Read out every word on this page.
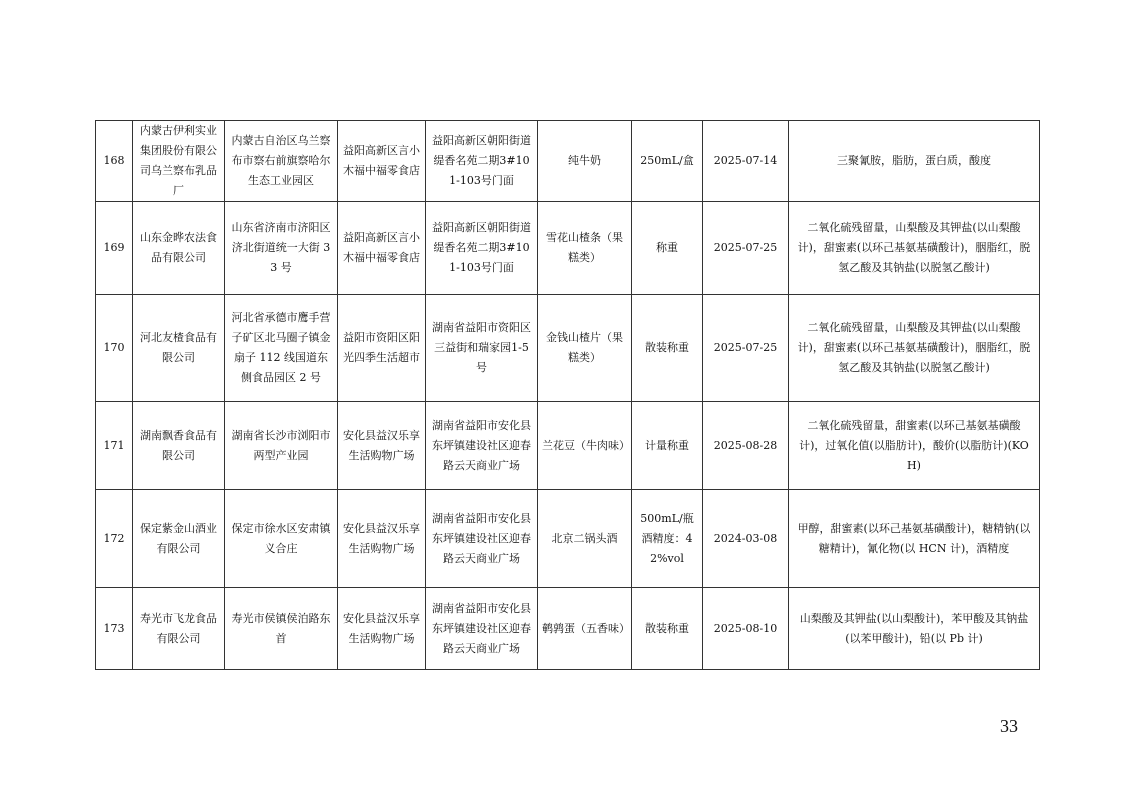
168	内蒙古伊利实业集团股份有限公司乌兰察布乳品厂	内蒙古自治区乌兰察布市察右前旗察哈尔生态工业园区	益阳高新区言小木福中福零食店	益阳高新区朝阳街道缇香名苑二期3#101-103号门面	纯牛奶	250mL/盒	2025-07-14	三聚氰胺，脂肪，蛋白质，酸度
169	山东金晔农法食品有限公司	山东省济南市济阳区济北街道统一大街 33 号	益阳高新区言小木福中福零食店	益阳高新区朝阳街道缇香名苑二期3#101-103号门面	雪花山楂条（果糕类）	称重	2025-07-25	二氧化硫残留量，山梨酸及其钾盐(以山梨酸计)，甜蜜素(以环己基氨基磺酸计)，胭脂红，脱氢乙酸及其钠盐(以脱氢乙酸计)
170	河北友楂食品有限公司	河北省承德市鹰手营子矿区北马圈子镇金扇子 112 线国道东侧食品园区 2 号	益阳市资阳区阳光四季生活超市	湖南省益阳市资阳区三益街和瑞家园1-5 号	金钱山楂片（果糕类）	散装称重	2025-07-25	二氧化硫残留量，山梨酸及其钾盐(以山梨酸计)，甜蜜素(以环己基氨基磺酸计)，胭脂红，脱氢乙酸及其钠盐(以脱氢乙酸计)
171	湖南飘香食品有限公司	湖南省长沙市浏阳市两型产业园	安化县益汉乐享生活购物广场	湖南省益阳市安化县东坪镇建设社区迎春路云天商业广场	兰花豆（牛肉味）	计量称重	2025-08-28	二氧化硫残留量，甜蜜素(以环己基氨基磺酸计)，过氧化值(以脂肪计)，酸价(以脂肪计)(KOH)
172	保定紫金山酒业有限公司	保定市徐水区安肃镇义合庄	安化县益汉乐享生活购物广场	湖南省益阳市安化县东坪镇建设社区迎春路云天商业广场	北京二锅头酒	500mL/瓶 酒精度：42%vol	2024-03-08	甲醇，甜蜜素(以环己基氨基磺酸计)，糖精钠(以糖精计)，氰化物(以 HCN 计)，酒精度
173	寿光市飞龙食品有限公司	寿光市侯镇侯泊路东首	安化县益汉乐享生活购物广场	湖南省益阳市安化县东坪镇建设社区迎春路云天商业广场	鹌鹑蛋（五香味）	散装称重	2025-08-10	山梨酸及其钾盐(以山梨酸计)，苯甲酸及其钠盐(以苯甲酸计)，铅(以 Pb 计)
33
